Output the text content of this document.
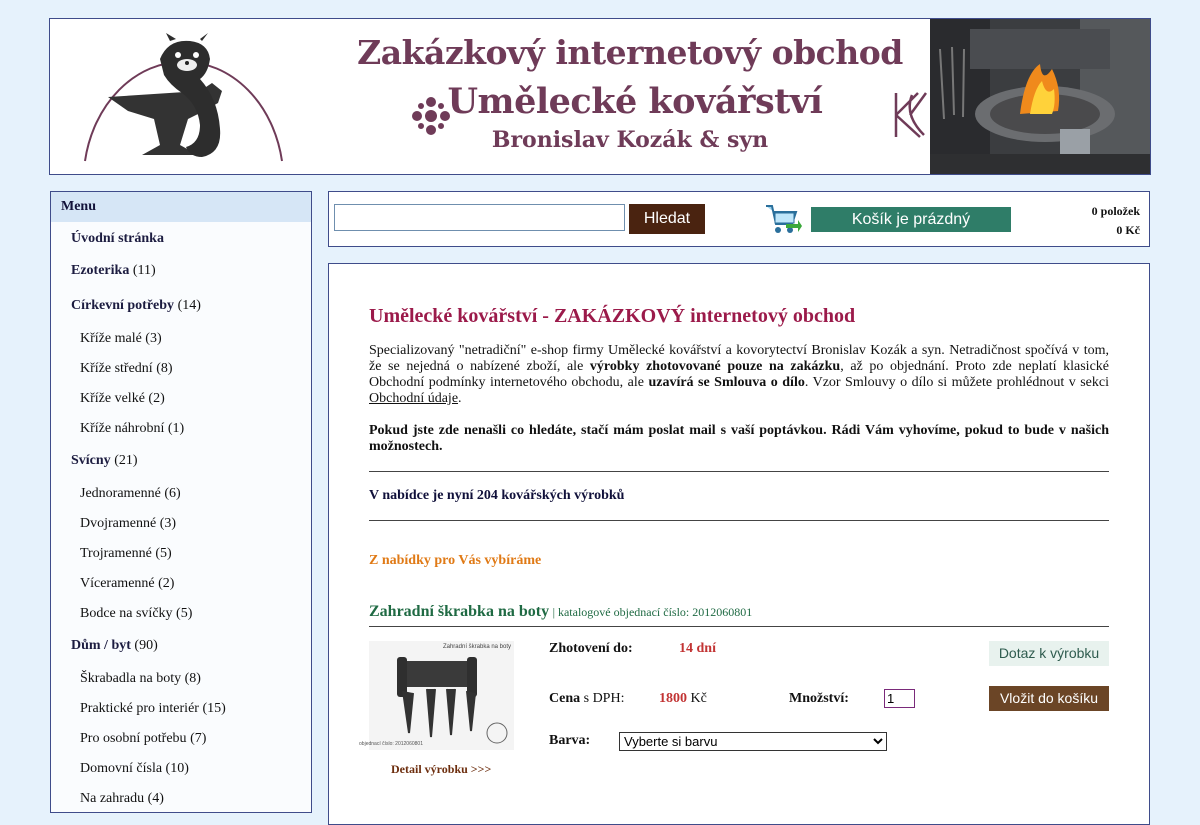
Zakázkový internetový obchod
Umělecké kovářství
Bronislav Kozák & syn
Menu
Úvodní stránka
Ezoterika (11)
Církevní potřeby (14)
Kříže malé (3)
Kříže střední (8)
Kříže velké (2)
Kříže náhrobní (1)
Svícny (21)
Jednoramenné (6)
Dvojramenné (3)
Trojramenné (5)
Víceramenné (2)
Bodce na svíčky (5)
Dům / byt (90)
Škrabadla na boty (8)
Praktické pro interiér (15)
Pro osobní potřebu (7)
Domovní čísla (10)
Na zahradu (4)
Hledat	Košík je prázdný	0 položek
0 Kč
Umělecké kovářství - ZAKÁZKOVÝ internetový obchod
Specializovaný "netradiční" e-shop firmy Umělecké kovářství a kovorytectví Bronislav Kozák a syn. Netradičnost spočívá v tom, že se nejedná o nabízené zboží, ale výrobky zhotovované pouze na zakázku, až po objednání. Proto zde neplatí klasické Obchodní podmínky internetového obchodu, ale uzavírá se Smlouva o dílo. Vzor Smlouvy o dílo si můžete prohlédnout v sekci Obchodní údaje.
Pokud jste zde nenašli co hledáte, stačí mám poslat mail s vaší poptávkou. Rádi Vám vyhovíme, pokud to bude v našich možnostech.
V nabídce je nyní 204 kovářských výrobků
Z nabídky pro Vás vybíráme
Zahradní škrabka na boty | katalogové objednací číslo: 2012060801
Zahradní škrabka na boty
objednací číslo: 2012060801
Detail výrobku >>>
Zhotovení do:	14 dní
Cena s DPH: 1800 Kč	Množství:
1
Barva:
Vyberte si barvu
Dotaz k výrobku
Vložit do košíku
